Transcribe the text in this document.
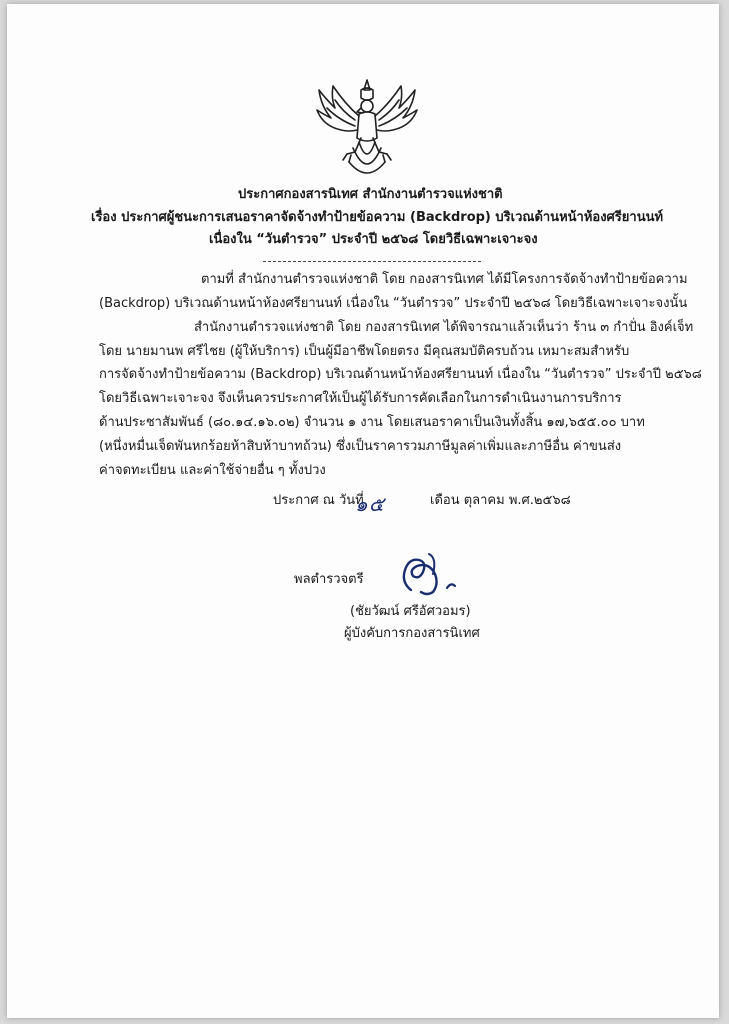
ประกาศกองสารนิเทศ สำนักงานตำรวจแห่งชาติ
เรื่อง ประกาศผู้ชนะการเสนอราคาจัดจ้างทำป้ายข้อความ (Backdrop) บริเวณด้านหน้าห้องศรียานนท์
เนื่องใน “วันตำรวจ” ประจำปี ๒๕๖๘ โดยวิธีเฉพาะเจาะจง
ตามที่ สำนักงานตำรวจแห่งชาติ โดย กองสารนิเทศ ได้มีโครงการจัดจ้างทำป้ายข้อความ
(Backdrop) บริเวณด้านหน้าห้องศรียานนท์ เนื่องใน “วันตำรวจ” ประจำปี ๒๕๖๘ โดยวิธีเฉพาะเจาะจงนั้น
สำนักงานตำรวจแห่งชาติ โดย กองสารนิเทศ ได้พิจารณาแล้วเห็นว่า ร้าน ๓ กำปั่น อิงค์เจ็ท
โดย นายมานพ ศรีไชย (ผู้ให้บริการ) เป็นผู้มีอาชีพโดยตรง มีคุณสมบัติครบถ้วน เหมาะสมสำหรับ
การจัดจ้างทำป้ายข้อความ (Backdrop) บริเวณด้านหน้าห้องศรียานนท์ เนื่องใน “วันตำรวจ” ประจำปี ๒๕๖๘
โดยวิธีเฉพาะเจาะจง จึงเห็นควรประกาศให้เป็นผู้ได้รับการคัดเลือกในการดำเนินงานการบริการ
ด้านประชาสัมพันธ์ (๘๐.๑๔.๑๖.๐๒) จำนวน ๑ งาน โดยเสนอราคาเป็นเงินทั้งสิ้น ๑๗,๖๕๕.๐๐ บาท
(หนึ่งหมื่นเจ็ดพันหกร้อยห้าสิบห้าบาทถ้วน) ซึ่งเป็นราคารวมภาษีมูลค่าเพิ่มและภาษีอื่น ค่าขนส่ง
ค่าจดทะเบียน และค่าใช้จ่ายอื่น ๆ ทั้งปวง
ประกาศ ณ วันที่
๑๕	เดือน ตุลาคม พ.ศ.๒๕๖๘
พลตำรวจตรี
(ชัยวัฒน์ ศรีอัศวอมร)
ผู้บังคับการกองสารนิเทศ
